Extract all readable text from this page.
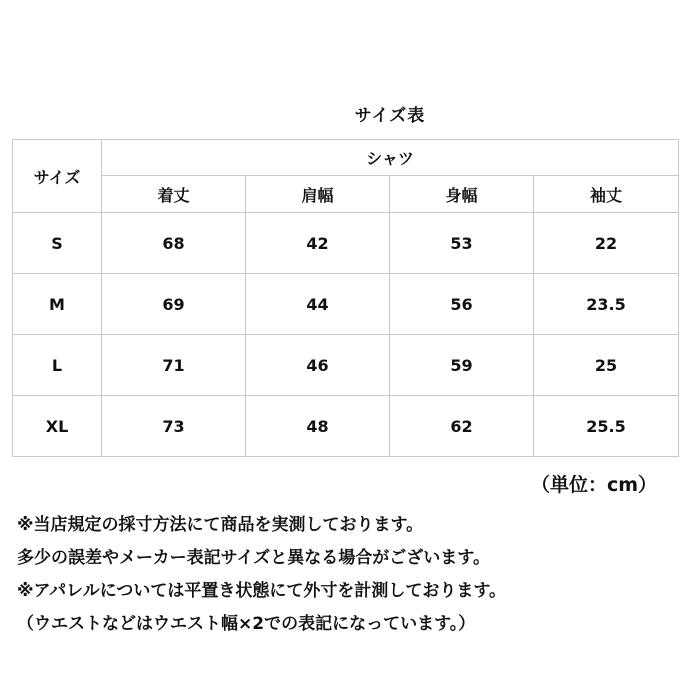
サイズ表
サイズ	シャツ			
	着丈	肩幅	身幅	袖丈
S	68	42	53	22
M	69	44	56	23.5
L	71	46	59	25
XL	73	48	62	25.5
（単位：cm）
※当店規定の採寸方法にて商品を実測しております。
多少の誤差やメーカー表記サイズと異なる場合がございます。
※アパレルについては平置き状態にて外寸を計測しております。
（ウエストなどはウエスト幅×2での表記になっています。）
